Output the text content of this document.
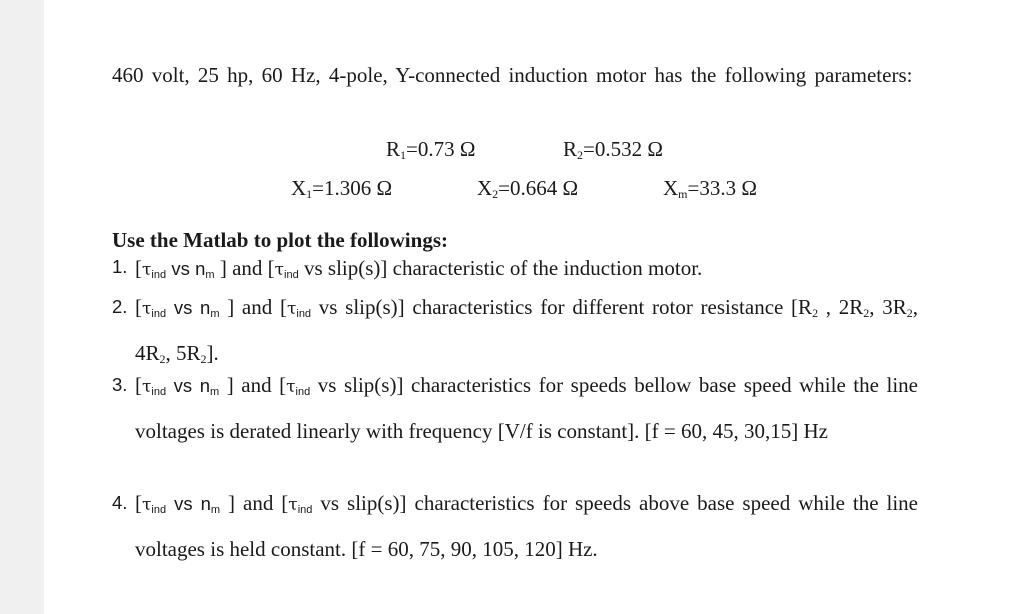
460 volt, 25 hp, 60 Hz, 4-pole, Y-connected induction motor has the following parameters:
$R_1=0.73$ Ω	$R_2=0.532$ Ω
$X_1=1.306$ Ω	$X_2=0.664$ Ω	$X_m=33.3$ Ω
Use the Matlab to plot the followings:
1. [$\tau_{ind}$ vs $n_m$ ] and [$\tau_{ind}$ vs slip(s)] characteristic of the induction motor.
2. [$\tau_{ind}$ vs $n_m$ ] and [$\tau_{ind}$ vs slip(s)] characteristics for different rotor resistance [R2 , 2R2, 3R2, 4R2, 5R2].
3. [$\tau_{ind}$ vs $n_m$ ] and [$\tau_{ind}$ vs slip(s)] characteristics for speeds bellow base speed while the line voltages is derated linearly with frequency [V/f is constant]. [f = 60, 45, 30,15] Hz
4. [$\tau_{ind}$ vs $n_m$ ] and [$\tau_{ind}$ vs slip(s)] characteristics for speeds above base speed while the line voltages is held constant. [f = 60, 75, 90, 105, 120] Hz.
